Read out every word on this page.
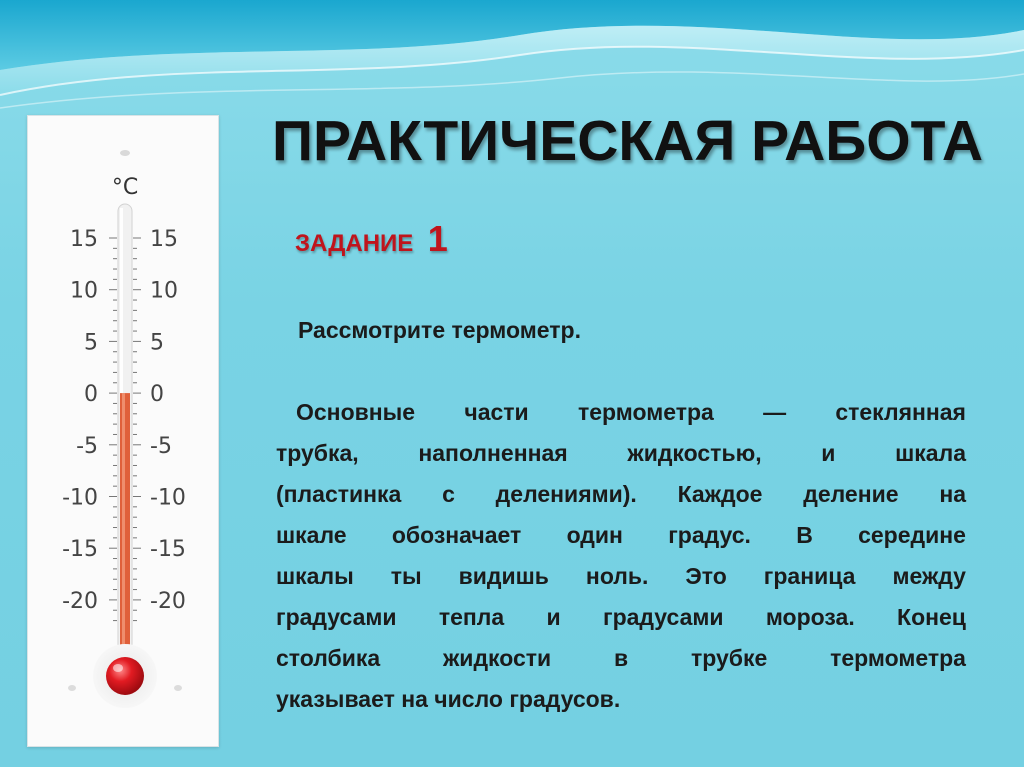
°C
15 15
10 10
5 5
0 0
-5 -5
-10 -10
-15 -15
-20 -20
ПРАКТИЧЕСКАЯ РАБОТА
ЗАДАНИЕ 1

Рассмотрите термометр.

Основные части термометра — стеклянная
трубка,	наполненная	жидкостью,	и	шкала
(пластинка с делениями). Каждое деление на
шкале обозначает один градус. В середине
шкалы ты видишь ноль. Это граница между
градусами тепла и градусами мороза. Конец
столбика	жидкости	в	трубке	термометра
указывает на число градусов.
